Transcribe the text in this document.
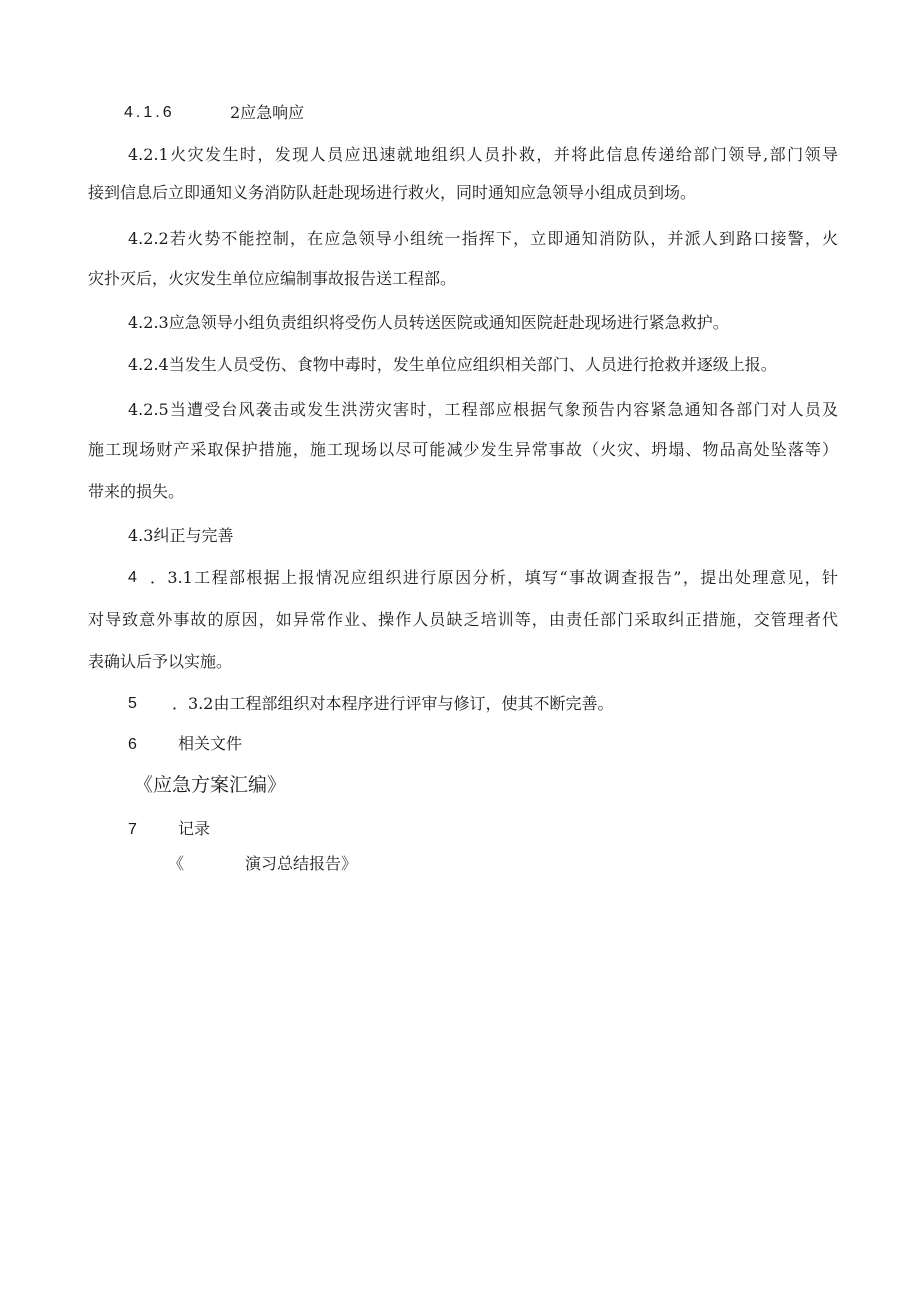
4.1.6	2应急响应
4.2.1火灾发生时，发现人员应迅速就地组织人员扑救，并将此信息传递给部门领导,部门领导
接到信息后立即通知义务消防队赶赴现场进行救火，同时通知应急领导小组成员到场。
4.2.2若火势不能控制，在应急领导小组统一指挥下，立即通知消防队，并派人到路口接警，火
灾扑灭后，火灾发生单位应编制事故报告送工程部。
4.2.3应急领导小组负责组织将受伤人员转送医院或通知医院赶赴现场进行紧急救护。
4.2.4当发生人员受伤、食物中毒时，发生单位应组织相关部门、人员进行抢救并逐级上报。
4.2.5当遭受台风袭击或发生洪涝灾害时，工程部应根据气象预告内容紧急通知各部门对人员及
施工现场财产采取保护措施，施工现场以尽可能减少发生异常事故（火灾、坍塌、物品高处坠落等）
带来的损失。
4.3纠正与完善
4 ．3.1工程部根据上报情况应组织进行原因分析，填写“事故调查报告”，提出处理意见，针
对导致意外事故的原因，如异常作业、操作人员缺乏培训等，由责任部门采取纠正措施，交管理者代
表确认后予以实施。
5 ．3.2由工程部组织对本程序进行评审与修订，使其不断完善。
6	相关文件
《应急方案汇编》
7	记录
《	演习总结报告》
